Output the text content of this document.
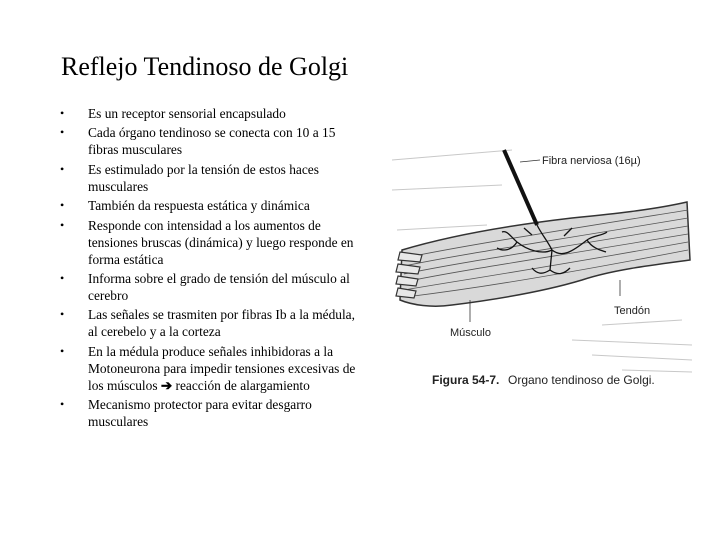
Reflejo Tendinoso de Golgi
• Es un receptor sensorial encapsulado
• Cada órgano tendinoso se conecta con 10 a 15 fibras musculares
• Es estimulado por la tensión de estos haces musculares
• También da respuesta estática y dinámica
• Responde con intensidad a los aumentos de tensiones bruscas (dinámica) y luego responde en forma estática
• Informa sobre el grado de tensión del músculo al cerebro
• Las señales se trasmiten por fibras Ib a la médula, al cerebelo y a la corteza
• En la médula produce señales inhibidoras a la Motoneurona para impedir tensiones excesivas de los músculos ➔ reacción de alargamiento
• Mecanismo protector para evitar desgarro musculares
Fibra nerviosa (16µ)
Tendón
Músculo
Figura 54-7. Organo tendinoso de Golgi.
